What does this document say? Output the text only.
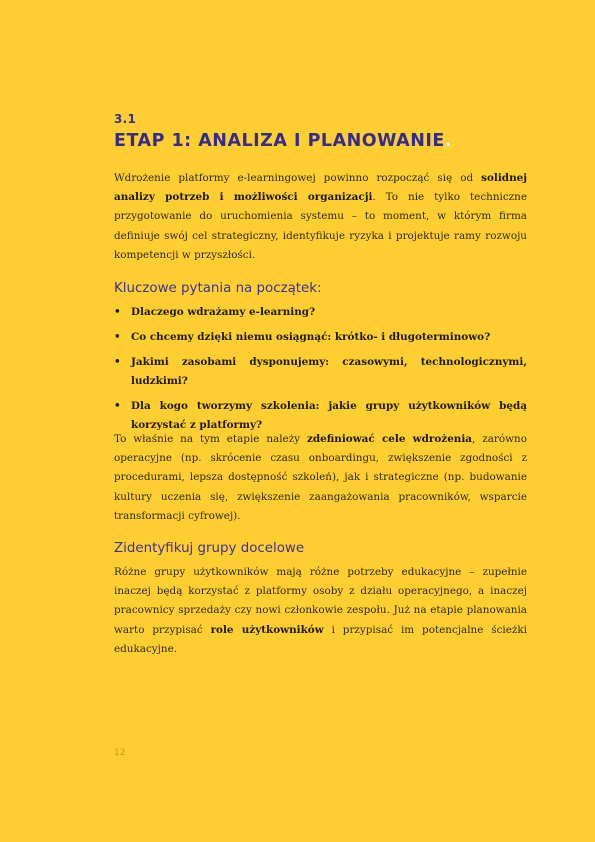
3.1
ETAP 1: ANALIZA I PLANOWANIE.

Wdrożenie platformy e-learningowej powinno rozpocząć się od solidnej analizy potrzeb i możliwości organizacji. To nie tylko techniczne przygotowanie do uruchomienia systemu – to moment, w którym firma definiuje swój cel strategiczny, identyfikuje ryzyka i projektuje ramy rozwoju kompetencji w przyszłości.

Kluczowe pytania na początek:
• Dlaczego wdrażamy e-learning?
• Co chcemy dzięki niemu osiągnąć: krótko- i długoterminowo?
• Jakimi zasobami dysponujemy: czasowymi, technologicznymi, ludzkimi?
• Dla kogo tworzymy szkolenia: jakie grupy użytkowników będą korzystać z platformy?

To właśnie na tym etapie należy zdefiniować cele wdrożenia, zarówno operacyjne (np. skrócenie czasu onboardingu, zwiększenie zgodności z procedurami, lepsza dostępność szkoleń), jak i strategiczne (np. budowanie kultury uczenia się, zwiększenie zaangażowania pracowników, wsparcie transformacji cyfrowej).

Zidentyfikuj grupy docelowe

Różne grupy użytkowników mają różne potrzeby edukacyjne – zupełnie inaczej będą korzystać z platformy osoby z działu operacyjnego, a inaczej pracownicy sprzedaży czy nowi członkowie zespołu. Już na etapie planowania warto przypisać role użytkowników i przypisać im potencjalne ścieżki edukacyjne.

12
